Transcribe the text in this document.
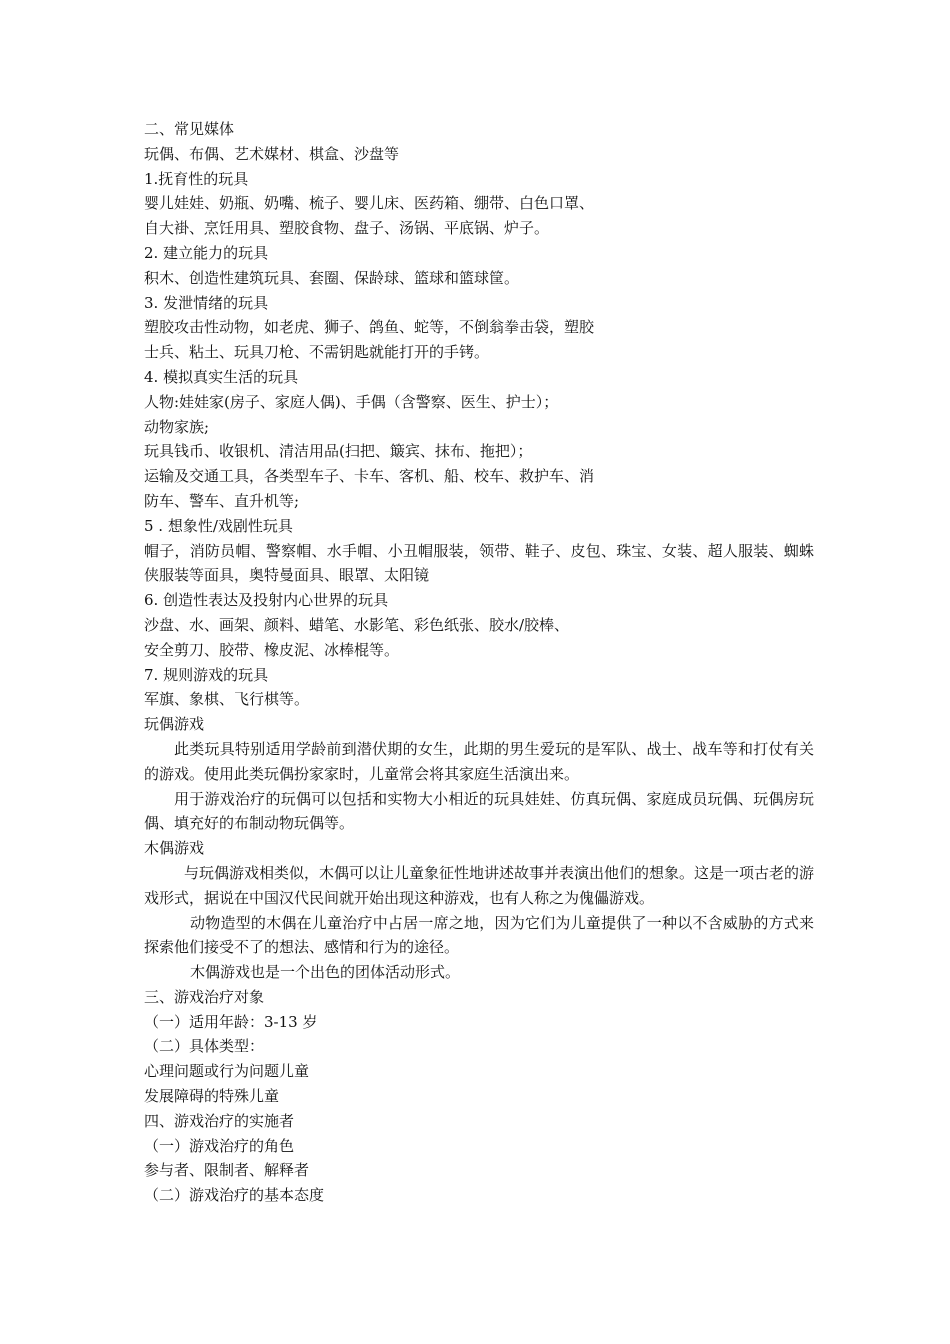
二、常见媒体
玩偶、布偶、艺术媒材、棋盒、沙盘等
1.抚育性的玩具
婴儿娃娃、奶瓶、奶嘴、梳子、婴儿床、医药箱、绷带、白色口罩、
自大褂、烹饪用具、塑胶食物、盘子、汤锅、平底锅、炉子。
2. 建立能力的玩具
积木、创造性建筑玩具、套圈、保龄球、篮球和篮球筐。
3. 发泄情绪的玩具
塑胶攻击性动物，如老虎、狮子、鸽鱼、蛇等，不倒翁拳击袋，塑胶
士兵、粘土、玩具刀枪、不需钥匙就能打开的手铐。
4. 模拟真实生活的玩具
人物:娃娃家(房子、家庭人偶)、手偶（含警察、医生、护士）；
动物家族;
玩具钱币、收银机、清洁用品(扫把、簸宾、抹布、拖把）；
运输及交通工具，各类型车子、卡车、客机、船、校车、救护车、消
防车、警车、直升机等;
5 . 想象性/戏剧性玩具
帽子，消防员帽、警察帽、水手帽、小丑帽服装，领带、鞋子、皮包、珠宝、女装、超人服装、蜘蛛侠服装等面具，奥特曼面具、眼罩、太阳镜
6. 创造性表达及投射内心世界的玩具
沙盘、水、画架、颜料、蜡笔、水影笔、彩色纸张、胶水/胶棒、
安全剪刀、胶带、橡皮泥、冰棒棍等。
7. 规则游戏的玩具
军旗、象棋、飞行棋等。
玩偶游戏
此类玩具特别适用学龄前到潜伏期的女生，此期的男生爱玩的是军队、战士、战车等和打仗有关的游戏。使用此类玩偶扮家家时，儿童常会将其家庭生活演出来。
用于游戏治疗的玩偶可以包括和实物大小相近的玩具娃娃、仿真玩偶、家庭成员玩偶、玩偶房玩偶、填充好的布制动物玩偶等。
木偶游戏
与玩偶游戏相类似，木偶可以让儿童象征性地讲述故事并表演出他们的想象。这是一项古老的游戏形式，据说在中国汉代民间就开始出现这种游戏，也有人称之为傀儡游戏。
动物造型的木偶在儿童治疗中占居一席之地，因为它们为儿童提供了一种以不含威胁的方式来探索他们接受不了的想法、感情和行为的途径。
木偶游戏也是一个出色的团体活动形式。
三、游戏治疗对象
（一）适用年龄：3-13 岁
（二）具体类型：
心理问题或行为问题儿童
发展障碍的特殊儿童
四、游戏治疗的实施者
（一）游戏治疗的角色
参与者、限制者、解释者
（二）游戏治疗的基本态度
